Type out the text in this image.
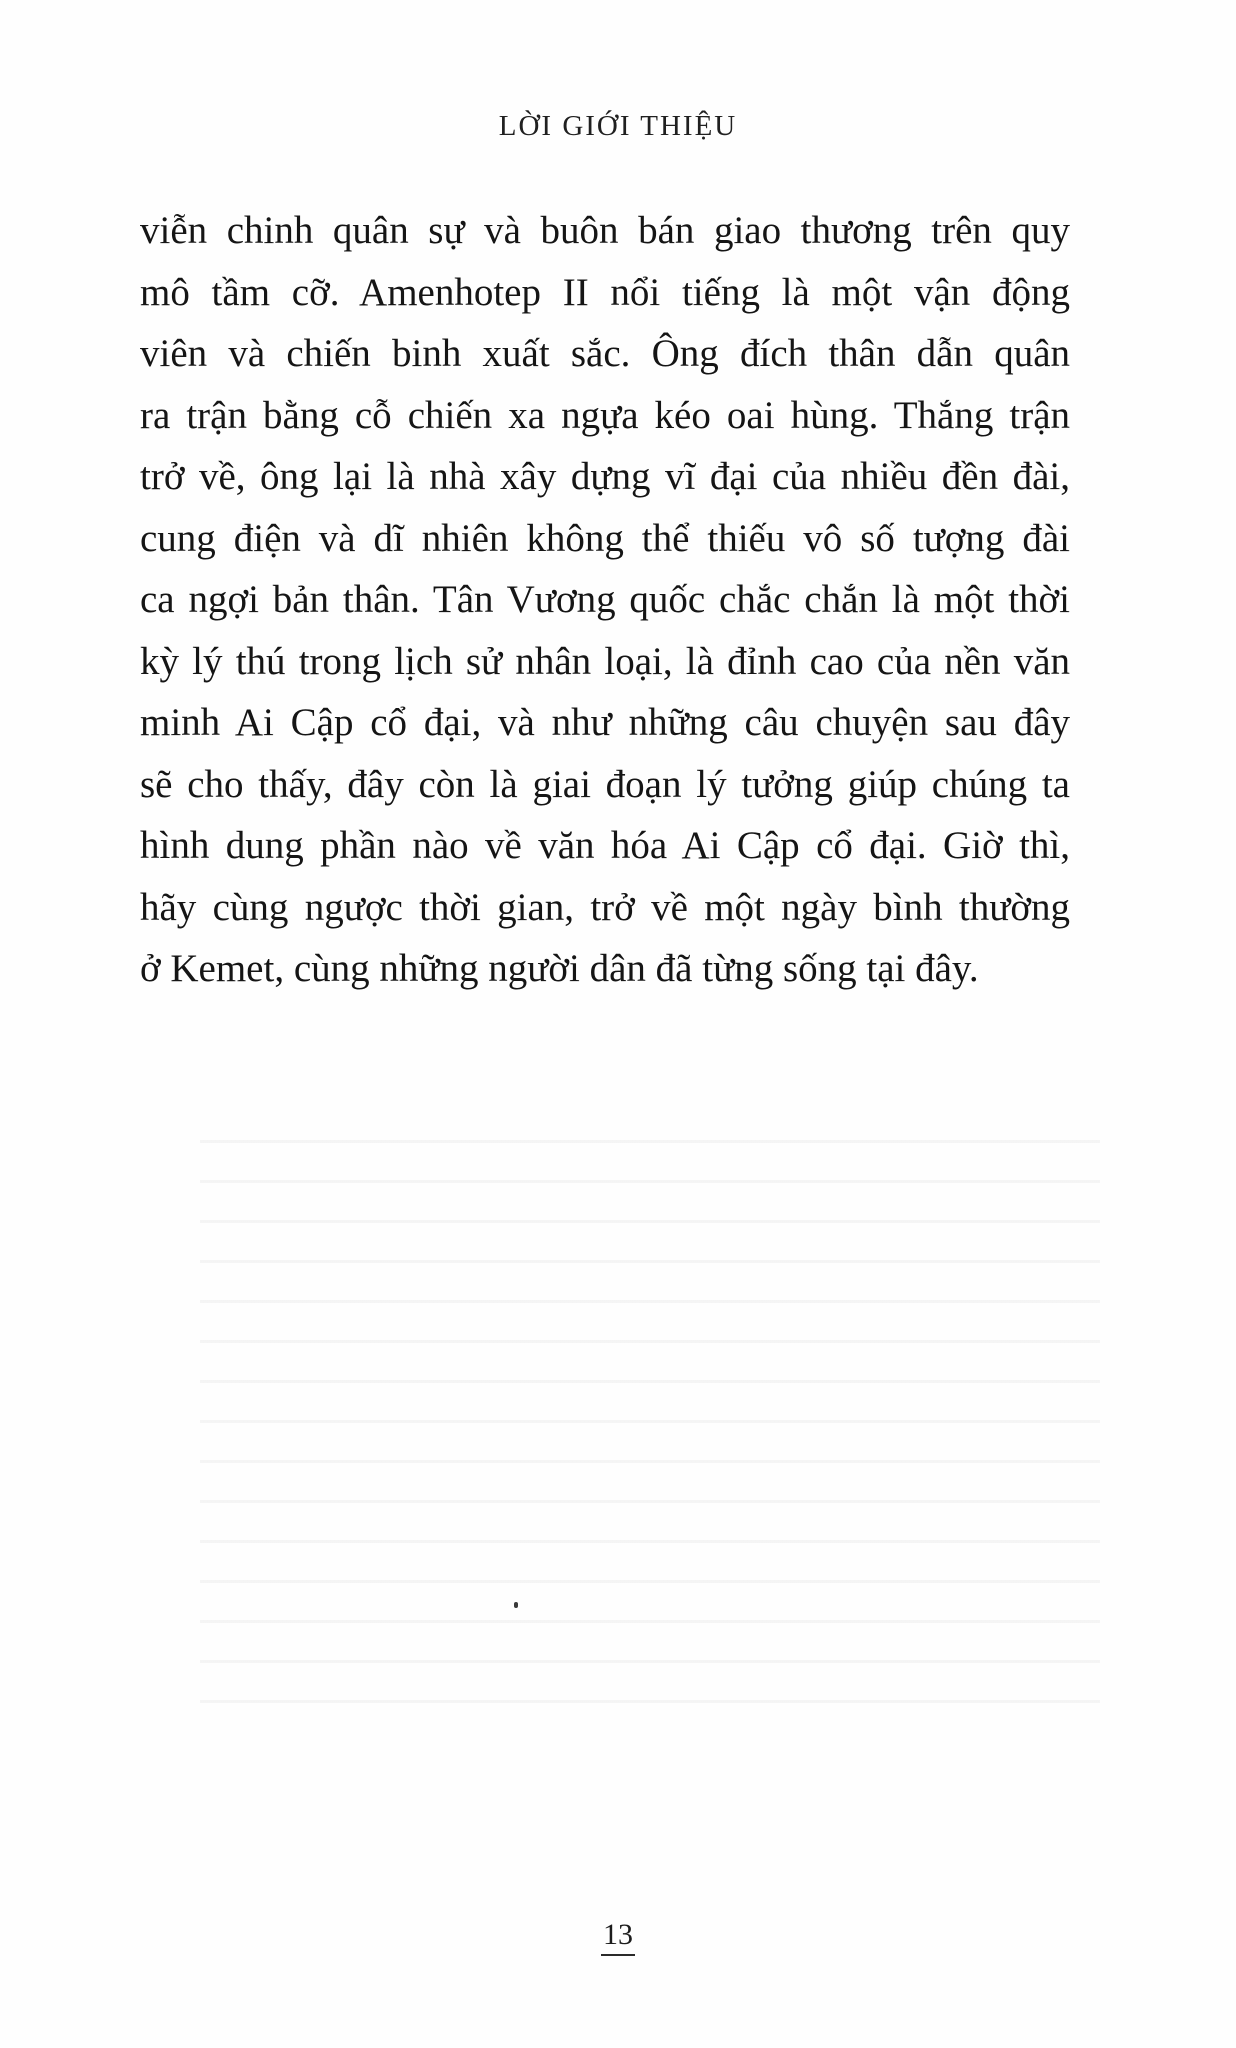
LỜI GIỚI THIỆU
viễn chinh quân sự và buôn bán giao thương trên quy
mô tầm cỡ. Amenhotep II nổi tiếng là một vận động
viên và chiến binh xuất sắc. Ông đích thân dẫn quân
ra trận bằng cỗ chiến xa ngựa kéo oai hùng. Thắng trận
trở về, ông lại là nhà xây dựng vĩ đại của nhiều đền đài,
cung điện và dĩ nhiên không thể thiếu vô số tượng đài
ca ngợi bản thân. Tân Vương quốc chắc chắn là một thời
kỳ lý thú trong lịch sử nhân loại, là đỉnh cao của nền văn
minh Ai Cập cổ đại, và như những câu chuyện sau đây
sẽ cho thấy, đây còn là giai đoạn lý tưởng giúp chúng ta
hình dung phần nào về văn hóa Ai Cập cổ đại. Giờ thì,
hãy cùng ngược thời gian, trở về một ngày bình thường
ở Kemet, cùng những người dân đã từng sống tại đây.
13
